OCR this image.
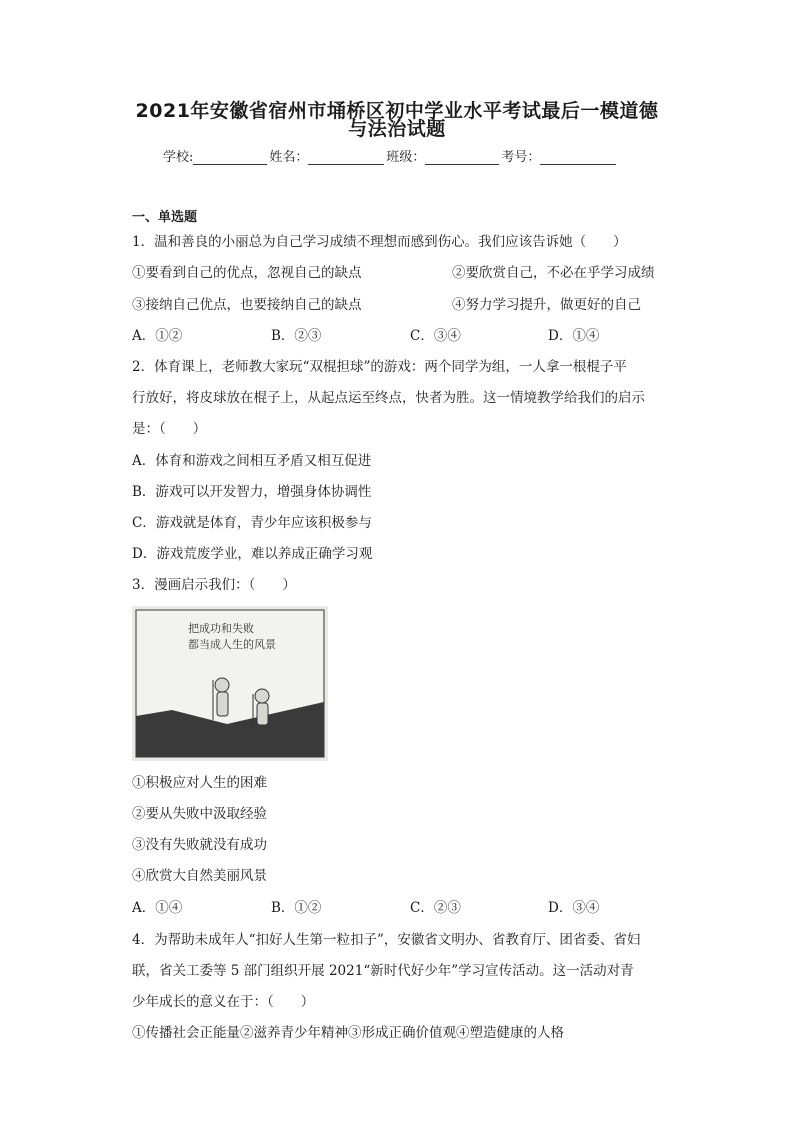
2021年安徽省宿州市埇桥区初中学业水平考试最后一模道德
与法治试题
学校:	姓名：	班级：	考号：
一、单选题
1．温和善良的小丽总为自己学习成绩不理想而感到伤心。我们应该告诉她（　　）
①要看到自己的优点，忽视自己的缺点	②要欣赏自己，不必在乎学习成绩
③接纳自己优点，也要接纳自己的缺点	④努力学习提升，做更好的自己
A．①②	B．②③	C．③④	D．①④
2．体育课上，老师教大家玩“双棍担球”的游戏：两个同学为组，一人拿一根棍子平
行放好，将皮球放在棍子上，从起点运至终点，快者为胜。这一情境教学给我们的启示
是：（　　）
A．体育和游戏之间相互矛盾又相互促进
B．游戏可以开发智力，增强身体协调性
C．游戏就是体育，青少年应该积极参与
D．游戏荒废学业，难以养成正确学习观
3．漫画启示我们：（　　）
把成功和失败
都当成人生的风景
①积极应对人生的困难
②要从失败中汲取经验
③没有失败就没有成功
④欣赏大自然美丽风景
A．①④	B．①②	C．②③	D．③④
4．为帮助未成年人“扣好人生第一粒扣子”，安徽省文明办、省教育厅、团省委、省妇
联，省关工委等 5 部门组织开展 2021“新时代好少年”学习宣传活动。这一活动对青
少年成长的意义在于：（　　）
①传播社会正能量②滋养青少年精神③形成正确价值观④塑造健康的人格
